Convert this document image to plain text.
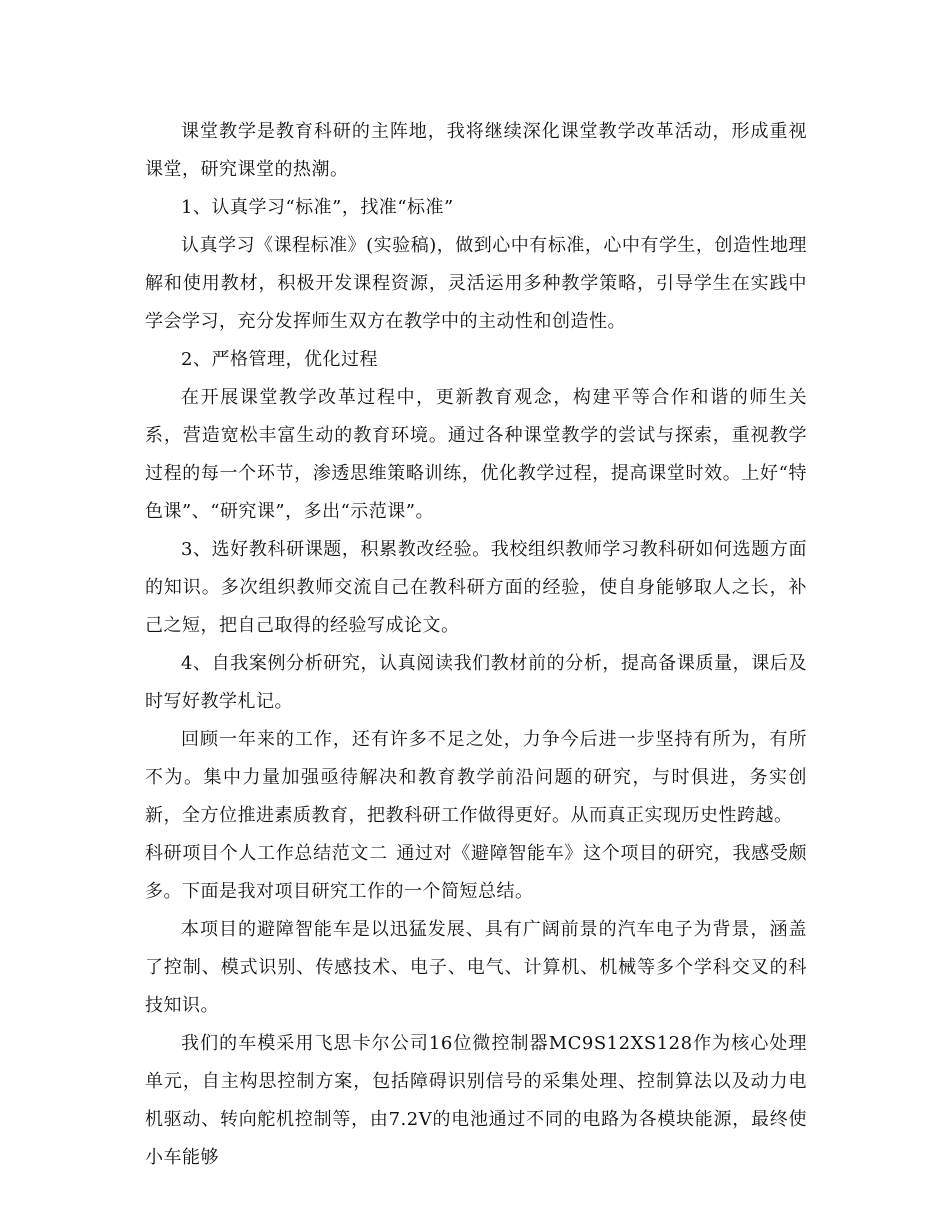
课堂教学是教育科研的主阵地，我将继续深化课堂教学改革活动，形成重视课堂，研究课堂的热潮。

1、认真学习“标准”，找准“标准”

认真学习《课程标准》(实验稿)，做到心中有标准，心中有学生，创造性地理解和使用教材，积极开发课程资源，灵活运用多种教学策略，引导学生在实践中学会学习，充分发挥师生双方在教学中的主动性和创造性。

2、严格管理，优化过程

在开展课堂教学改革过程中，更新教育观念，构建平等合作和谐的师生关系，营造宽松丰富生动的教育环境。通过各种课堂教学的尝试与探索，重视教学过程的每一个环节，渗透思维策略训练，优化教学过程，提高课堂时效。上好“特色课”、“研究课”，多出“示范课”。

3、选好教科研课题，积累教改经验。我校组织教师学习教科研如何选题方面的知识。多次组织教师交流自己在教科研方面的经验，使自身能够取人之长，补己之短，把自己取得的经验写成论文。

4、自我案例分析研究，认真阅读我们教材前的分析，提高备课质量，课后及时写好教学札记。

回顾一年来的工作，还有许多不足之处，力争今后进一步坚持有所为，有所不为。集中力量加强亟待解决和教育教学前沿问题的研究，与时俱进，务实创新，全方位推进素质教育，把教科研工作做得更好。从而真正实现历史性跨越。

科研项目个人工作总结范文二	通过对《避障智能车》这个项目的研究，我感受颇多。下面是我对项目研究工作的一个简短总结。

本项目的避障智能车是以迅猛发展、具有广阔前景的汽车电子为背景，涵盖了控制、模式识别、传感技术、电子、电气、计算机、机械等多个学科交叉的科技知识。

我们的车模采用飞思卡尔公司16位微控制器MC9S12XS128作为核心处理单元，自主构思控制方案，包括障碍识别信号的采集处理、控制算法以及动力电机驱动、转向舵机控制等，由7.2V的电池通过不同的电路为各模块能源，最终使小车能够
